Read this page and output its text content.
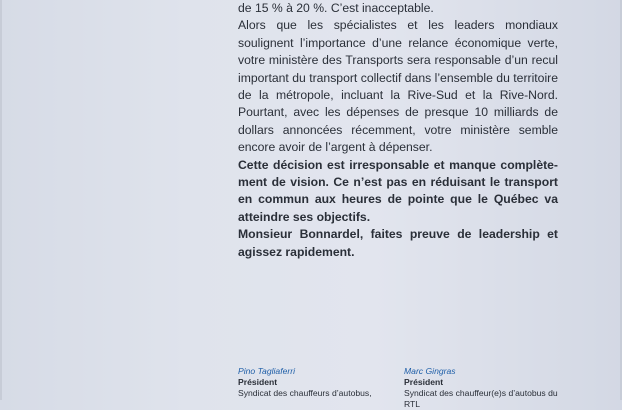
de 15 % à 20 %. C’est inacceptable.

Alors que les spécialistes et les leaders mondiaux soulignent l’importance d’une relance économique verte, votre ministère des Transports sera responsable d’un recul important du transport collectif dans l’ensemble du territoire de la métropole, incluant la Rive-Sud et la Rive-Nord. Pourtant, avec les dépenses de presque 10 milliards de dollars annoncées récemment, votre ministère semble encore avoir de l’argent à dépenser.

Cette décision est irresponsable et manque complète-ment de vision. Ce n’est pas en réduisant le transport en commun aux heures de pointe que le Québec va atteindre ses objectifs.

Monsieur Bonnardel, faites preuve de leadership et agissez rapidement.

Pino Tagliaferri
Président
Syndicat des chauffeurs d’autobus,
Marc Gingras
Président
Syndicat des chauffeur(e)s d’autobus du RTL
